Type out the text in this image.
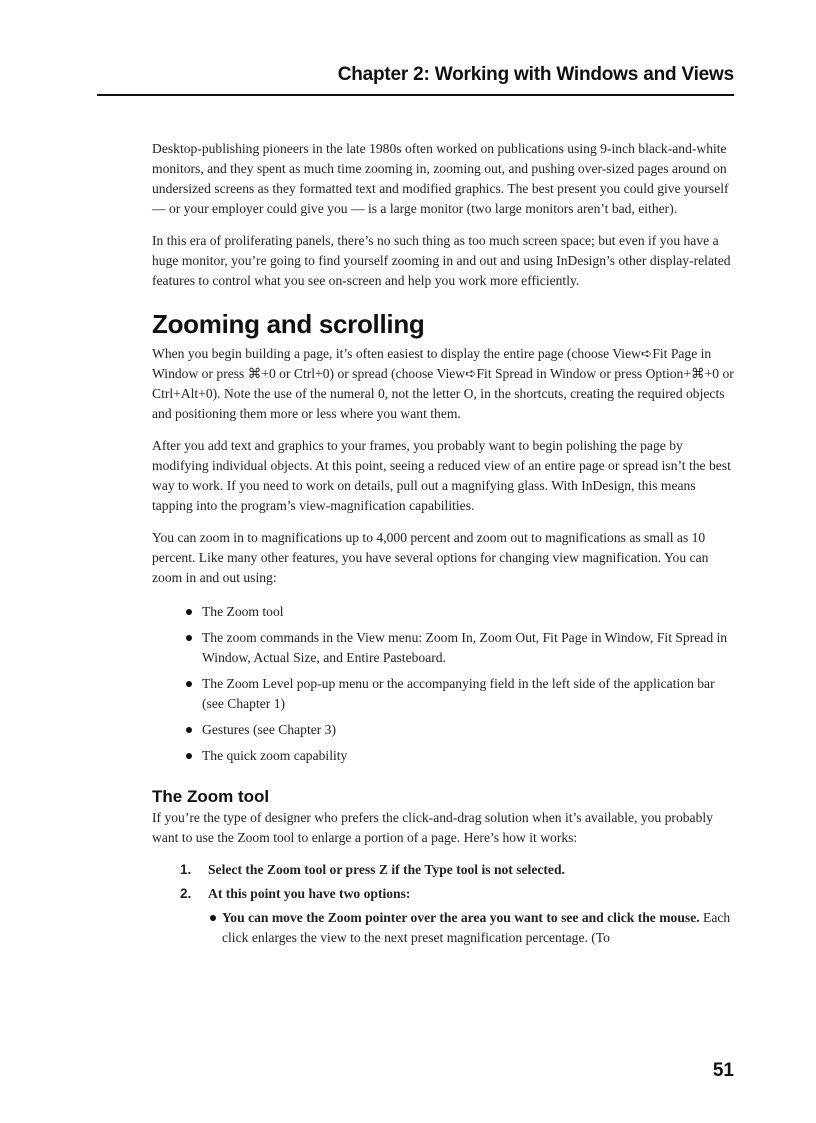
Chapter 2: Working with Windows and Views

Desktop-publishing pioneers in the late 1980s often worked on publications using 9-inch black-and-white monitors, and they spent as much time zooming in, zooming out, and pushing over-sized pages around on undersized screens as they formatted text and modified graphics. The best present you could give yourself — or your employer could give you — is a large monitor (two large monitors aren’t bad, either).

In this era of proliferating panels, there’s no such thing as too much screen space; but even if you have a huge monitor, you’re going to find yourself zooming in and out and using InDesign’s other display-related features to control what you see on-screen and help you work more efficiently.

Zooming and scrolling

When you begin building a page, it’s often easiest to display the entire page (choose View➪Fit Page in Window or press ⌘+0 or Ctrl+0) or spread (choose View➪Fit Spread in Window or press Option+⌘+0 or Ctrl+Alt+0). Note the use of the numeral 0, not the letter O, in the shortcuts, creating the required objects and positioning them more or less where you want them.

After you add text and graphics to your frames, you probably want to begin polishing the page by modifying individual objects. At this point, seeing a reduced view of an entire page or spread isn’t the best way to work. If you need to work on details, pull out a magnifying glass. With InDesign, this means tapping into the program’s view-magnification capabilities.

You can zoom in to magnifications up to 4,000 percent and zoom out to magnifications as small as 10 percent. Like many other features, you have several options for changing view magnification. You can zoom in and out using:

The Zoom tool
The zoom commands in the View menu: Zoom In, Zoom Out, Fit Page in Window, Fit Spread in Window, Actual Size, and Entire Pasteboard.
The Zoom Level pop-up menu or the accompanying field in the left side of the application bar (see Chapter 1)
Gestures (see Chapter 3)
The quick zoom capability
The Zoom tool

If you’re the type of designer who prefers the click-and-drag solution when it’s available, you probably want to use the Zoom tool to enlarge a portion of a page. Here’s how it works:

1. Select the Zoom tool or press Z if the Type tool is not selected.
2. At this point you have two options:
You can move the Zoom pointer over the area you want to see and click the mouse. Each click enlarges the view to the next preset magnification percentage. (To
51
